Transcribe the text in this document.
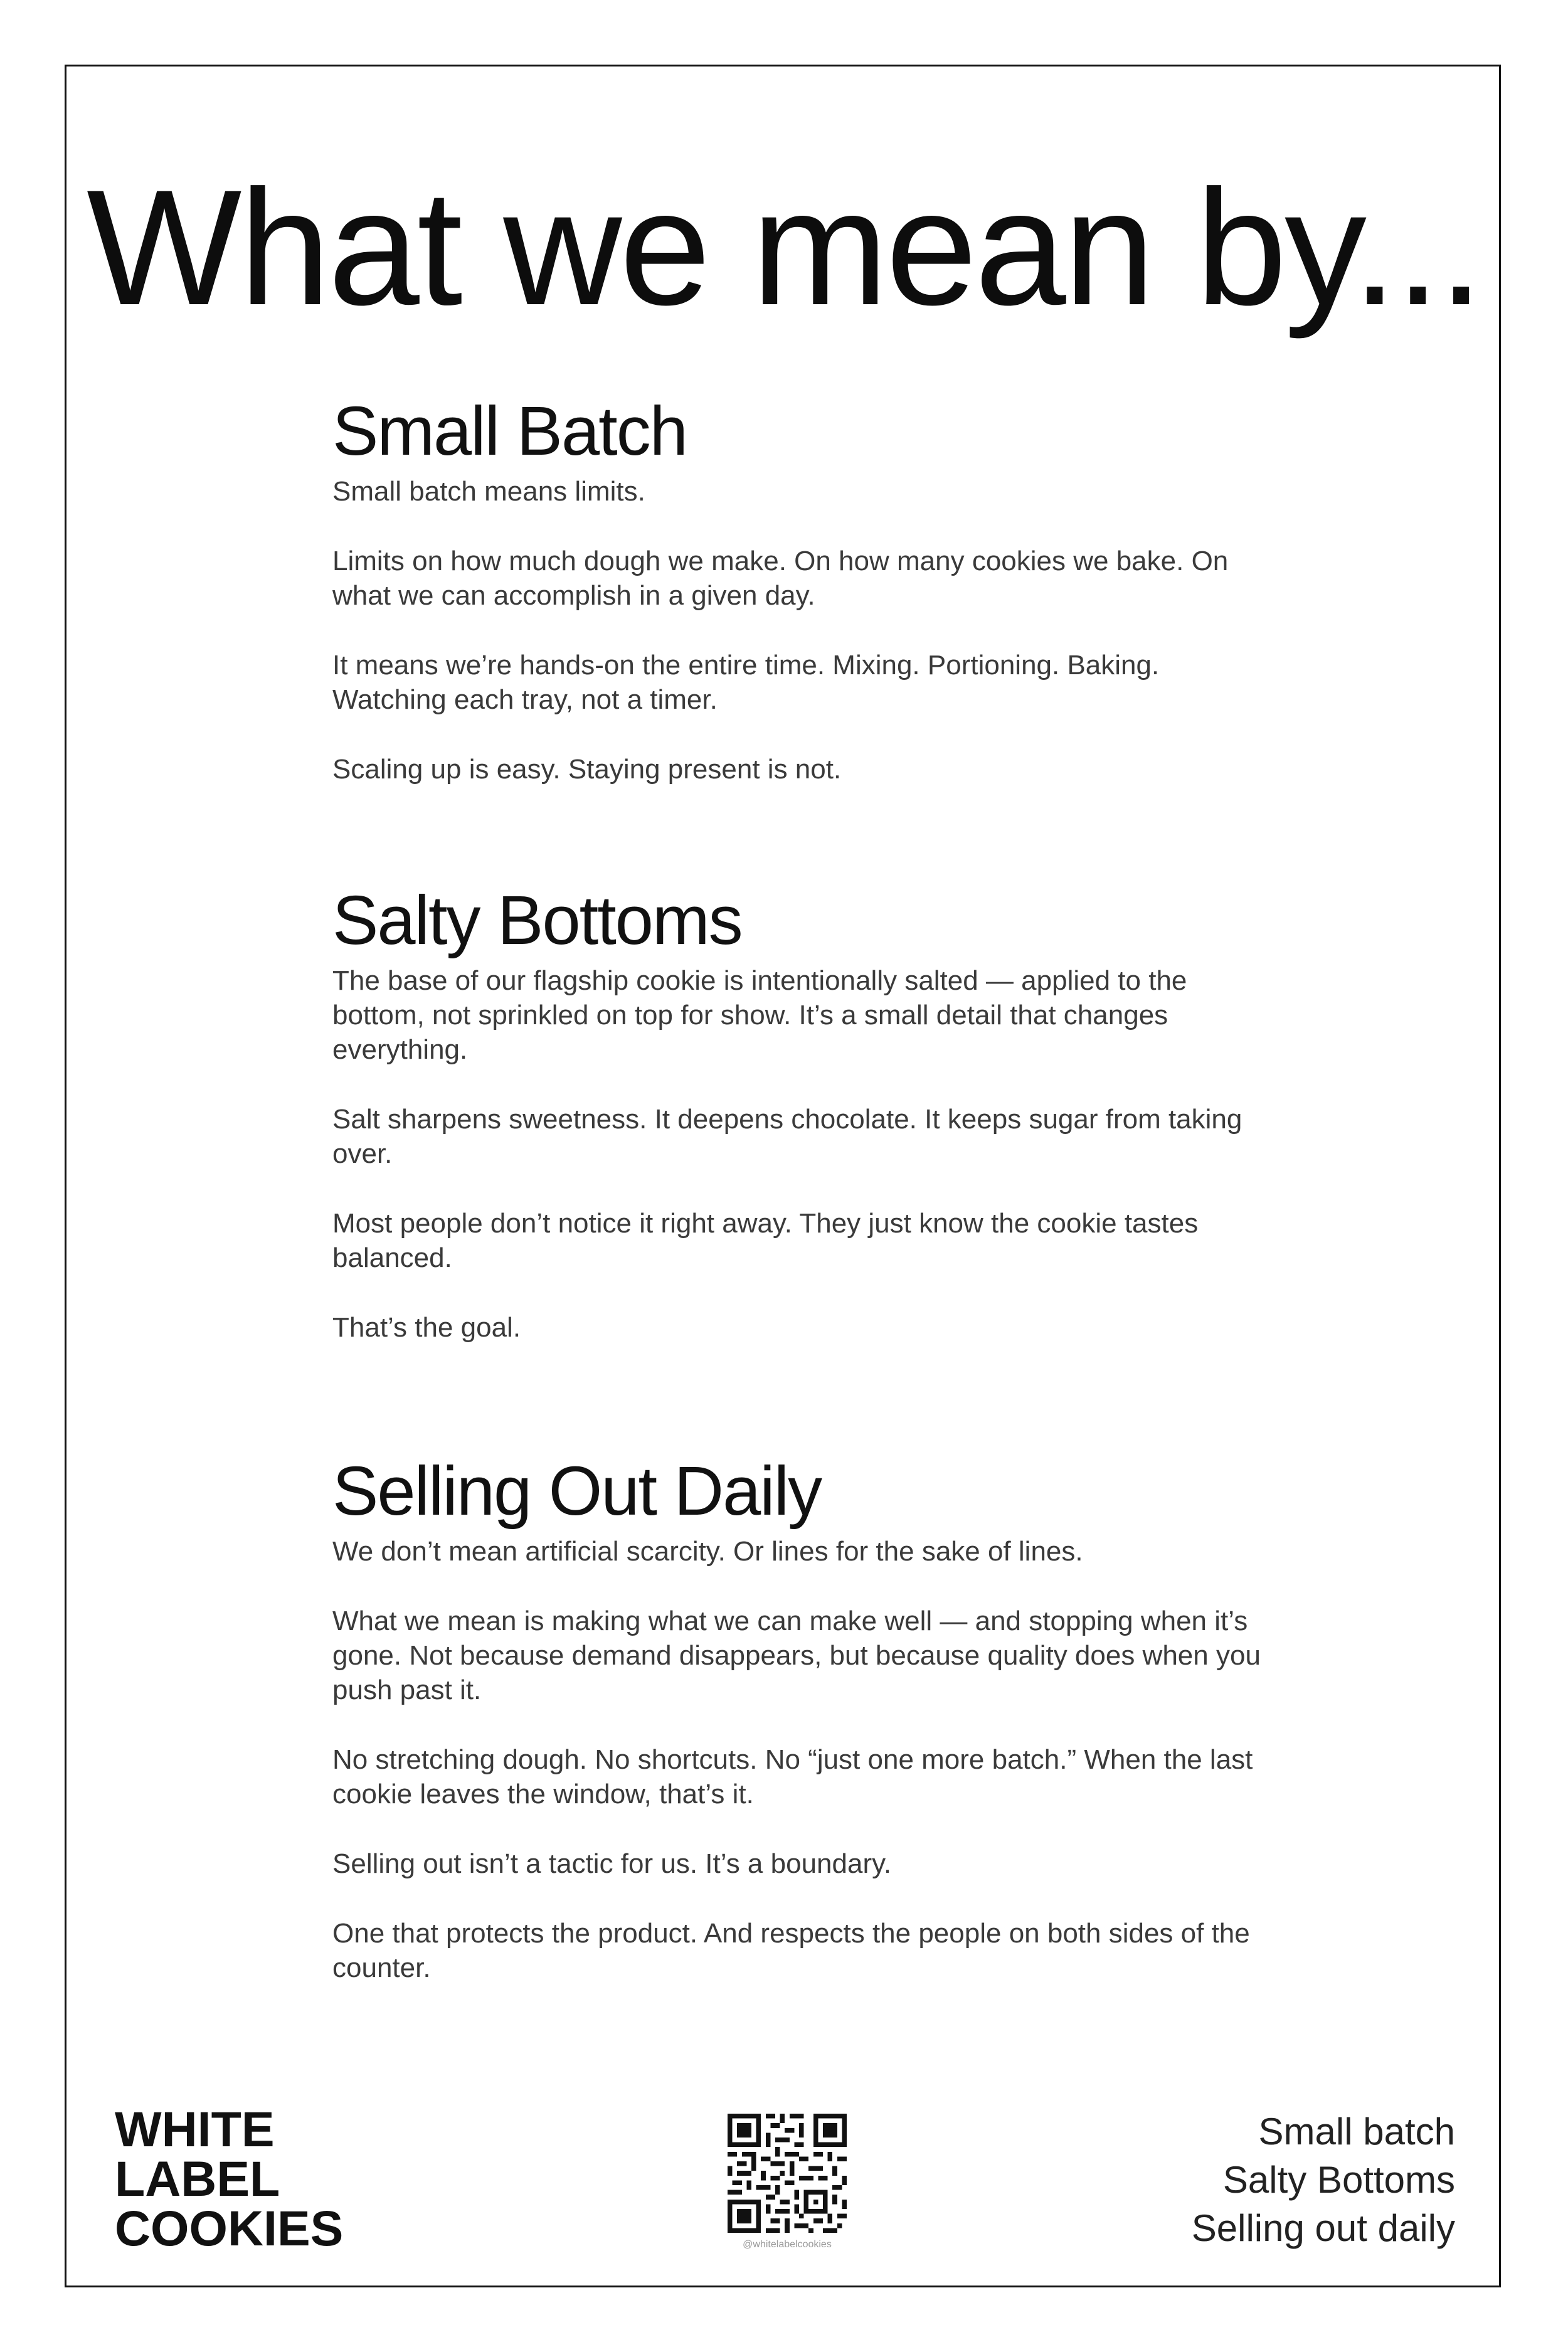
What we mean by...
Small Batch

Small batch means limits.

Limits on how much dough we make. On how many cookies we bake. On what we can accomplish in a given day.

It means we’re hands-on the entire time. Mixing. Portioning. Baking. Watching each tray, not a timer.

Scaling up is easy. Staying present is not.

Salty Bottoms

The base of our flagship cookie is intentionally salted — applied to the bottom, not sprinkled on top for show. It’s a small detail that changes everything.

Salt sharpens sweetness. It deepens chocolate. It keeps sugar from taking over.

Most people don’t notice it right away. They just know the cookie tastes balanced.

That’s the goal.

Selling Out Daily

We don’t mean artificial scarcity. Or lines for the sake of lines.

What we mean is making what we can make well — and stopping when it’s gone. Not because demand disappears, but because quality does when you push past it.

No stretching dough. No shortcuts. No “just one more batch.” When the last cookie leaves the window, that’s it.

Selling out isn’t a tactic for us. It’s a boundary.

One that protects the product. And respects the people on both sides of the counter.

WHITE
LABEL
COOKIES	@whitelabelcookies
Small batch
Salty Bottoms
Selling out daily
